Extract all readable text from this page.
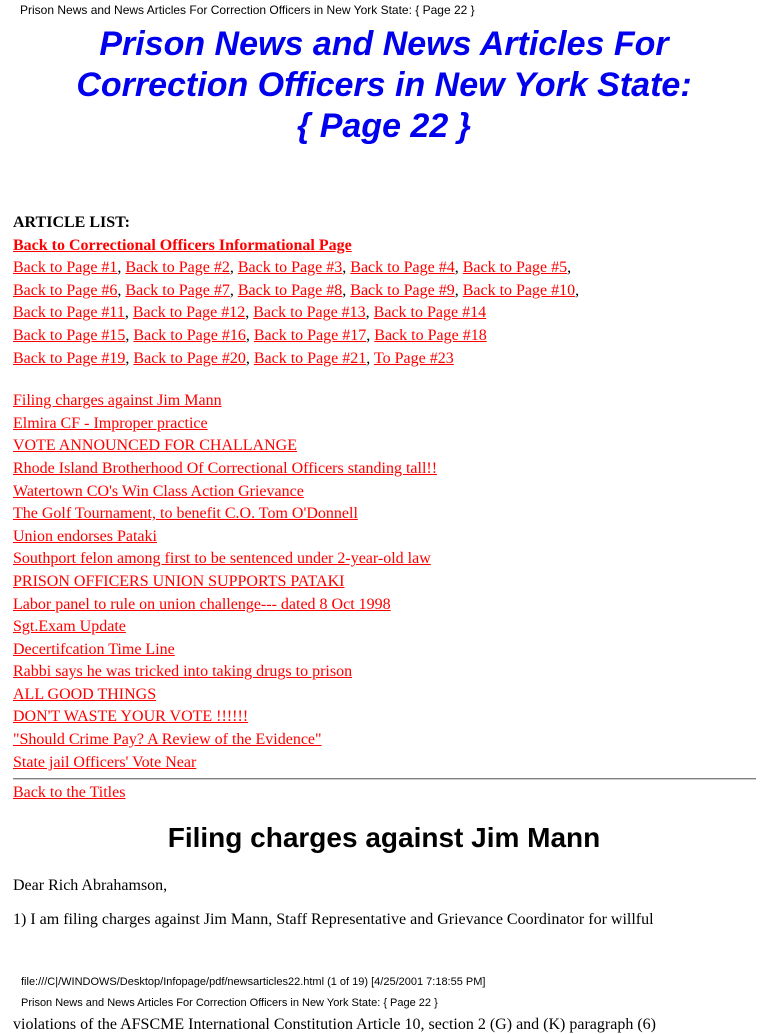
Prison News and News Articles For Correction Officers in New York State: { Page 22 }
Prison News and News Articles For
Correction Officers in New York State:
{ Page 22 }
ARTICLE LIST:
Back to Correctional Officers Informational Page
Back to Page #1, Back to Page #2, Back to Page #3, Back to Page #4, Back to Page #5,
Back to Page #6, Back to Page #7, Back to Page #8, Back to Page #9, Back to Page #10,
Back to Page #11, Back to Page #12, Back to Page #13, Back to Page #14
Back to Page #15, Back to Page #16, Back to Page #17, Back to Page #18
Back to Page #19, Back to Page #20, Back to Page #21, To Page #23
Filing charges against Jim Mann
Elmira CF - Improper practice
VOTE ANNOUNCED FOR CHALLANGE
Rhode Island Brotherhood Of Correctional Officers standing tall!!
Watertown CO's Win Class Action Grievance
The Golf Tournament, to benefit C.O. Tom O'Donnell
Union endorses Pataki
Southport felon among first to be sentenced under 2-year-old law
PRISON OFFICERS UNION SUPPORTS PATAKI
Labor panel to rule on union challenge--- dated 8 Oct 1998
Sgt.Exam Update
Decertifcation Time Line
Rabbi says he was tricked into taking drugs to prison
ALL GOOD THINGS
DON'T WASTE YOUR VOTE !!!!!!
"Should Crime Pay? A Review of the Evidence"
State jail Officers' Vote Near
Back to the Titles
Filing charges against Jim Mann
Dear Rich Abrahamson,
1) I am filing charges against Jim Mann, Staff Representative and Grievance Coordinator for willful
file:///C|/WINDOWS/Desktop/Infopage/pdf/newsarticles22.html (1 of 19) [4/25/2001 7:18:55 PM]
Prison News and News Articles For Correction Officers in New York State: { Page 22 }
violations of the AFSCME International Constitution Article 10, section 2 (G) and (K) paragraph (6)
